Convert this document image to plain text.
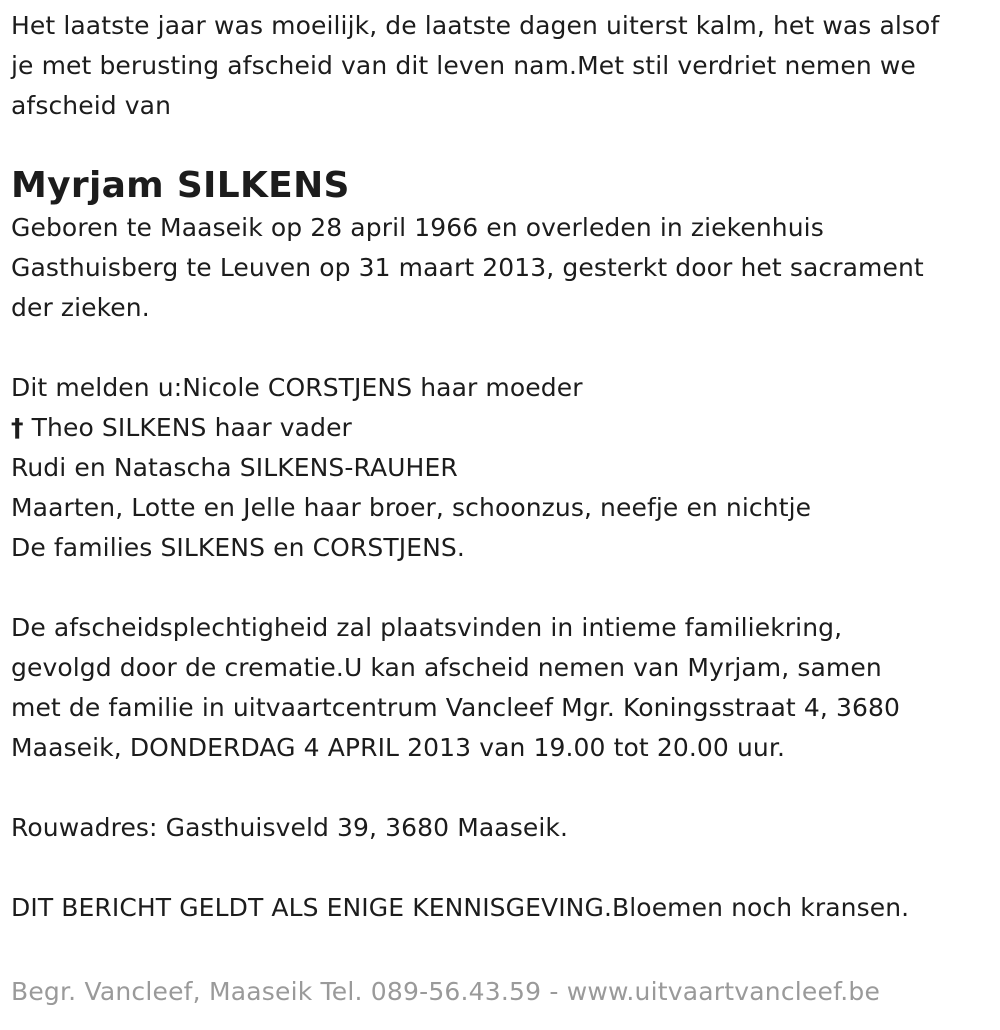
Het laatste jaar was moeilijk, de laatste dagen uiterst kalm, het was alsof
je met berusting afscheid van dit leven nam.Met stil verdriet nemen we
afscheid van
Myrjam SILKENS
Geboren te Maaseik op 28 april 1966 en overleden in ziekenhuis
Gasthuisberg te Leuven op 31 maart 2013, gesterkt door het sacrament
der zieken.
Dit melden u:Nicole CORSTJENS haar moeder
† Theo SILKENS haar vader
Rudi en Natascha SILKENS-RAUHER
Maarten, Lotte en Jelle haar broer, schoonzus, neefje en nichtje
De families SILKENS en CORSTJENS.
De afscheidsplechtigheid zal plaatsvinden in intieme familiekring,
gevolgd door de crematie.U kan afscheid nemen van Myrjam, samen
met de familie in uitvaartcentrum Vancleef Mgr. Koningsstraat 4, 3680
Maaseik, DONDERDAG 4 APRIL 2013 van 19.00 tot 20.00 uur.
Rouwadres: Gasthuisveld 39, 3680 Maaseik.
DIT BERICHT GELDT ALS ENIGE KENNISGEVING.Bloemen noch kransen.
Begr. Vancleef, Maaseik Tel. 089-56.43.59 - www.uitvaartvancleef.be
